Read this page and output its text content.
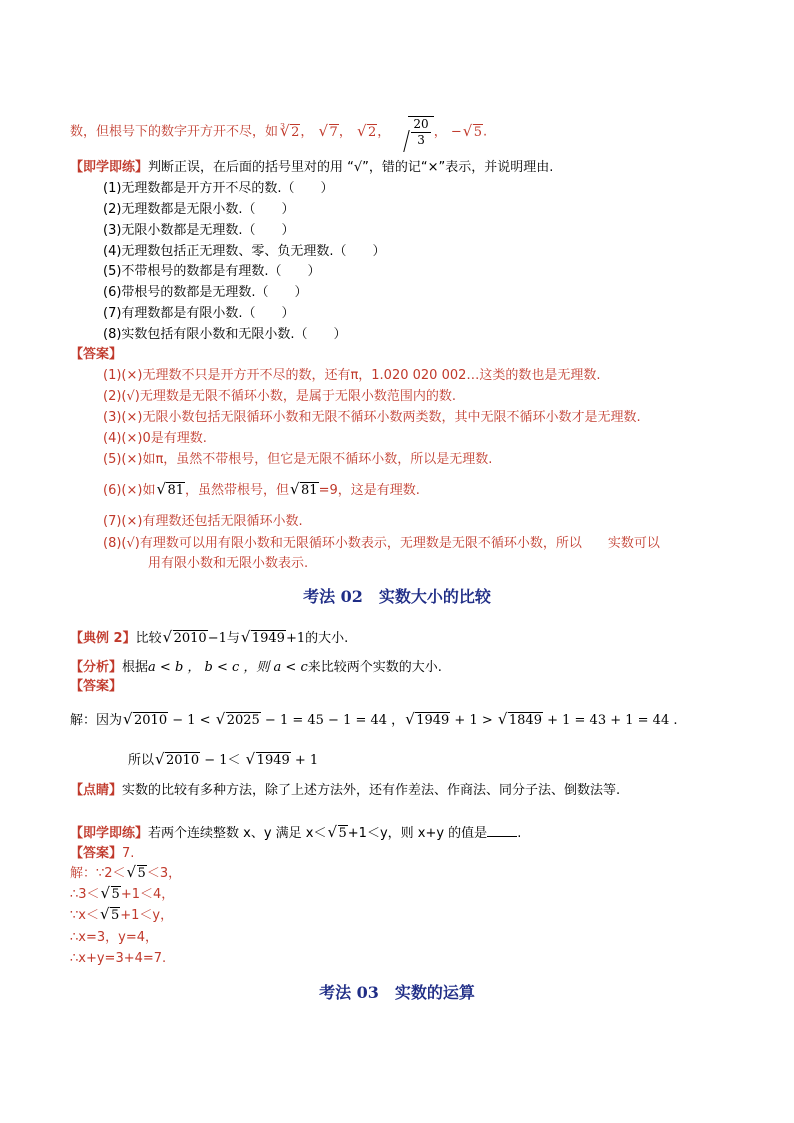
数，但根号下的数字开方开不尽，如 $^3$ √ 2， √ 7， √ 2， $\frac{20}{3}$ ， − √ 5.
【即学即练】判断正误，在后面的括号里对的用 “√”，错的记“×”表示，并说明理由.
(1)无理数都是开方开不尽的数.（　　）
(2)无理数都是无限小数.（　　）
(3)无限小数都是无理数.（　　）
(4)无理数包括正无理数、零、负无理数.（　　）
(5)不带根号的数都是有理数.（　　）
(6)带根号的数都是无理数.（　　）
(7)有理数都是有限小数.（　　）
(8)实数包括有限小数和无限小数.（　　）
【答案】
(1)(×)无理数不只是开方开不尽的数，还有π，1.020 020 002…这类的数也是无理数.
(2)(√)无理数是无限不循环小数，是属于无限小数范围内的数.
(3)(×)无限小数包括无限循环小数和无限不循环小数两类数，其中无限不循环小数才是无理数.
(4)(×)0是有理数.
(5)(×)如π，虽然不带根号，但它是无限不循环小数，所以是无理数.
(6)(×)如 √ 81，虽然带根号，但 √ 81=9，这是有理数.
(7)(×)有理数还包括无限循环小数.
(8)(√)有理数可以用有限小数和无限循环小数表示，无理数是无限不循环小数，所以　　实数可以
用有限小数和无限小数表示.
考法 02　实数大小的比较
【典例 2】比较 √ 2010−1与 √ 1949+1的大小.
【分析】根据a < b ， b < c ，则 a < c来比较两个实数的大小.
【答案】
解：因为 √ 2010 − 1 < √ 2025 − 1 = 45 − 1 = 44 ， √ 1949 + 1 > √ 1849 + 1 = 43 + 1 = 44 .
所以 √ 2010 − 1＜ √ 1949 + 1
【点睛】实数的比较有多种方法，除了上述方法外，还有作差法、作商法、同分子法、倒数法等.
【即学即练】若两个连续整数 x、y 满足 x＜ √ 5+1＜y，则 x+y 的值是 .
【答案】7.
解：∵2＜ √ 5＜3，
∴3＜ √ 5+1＜4，
∵x＜ √ 5+1＜y，
∴x=3，y=4，
∴x+y=3+4=7.
考法 03　实数的运算
